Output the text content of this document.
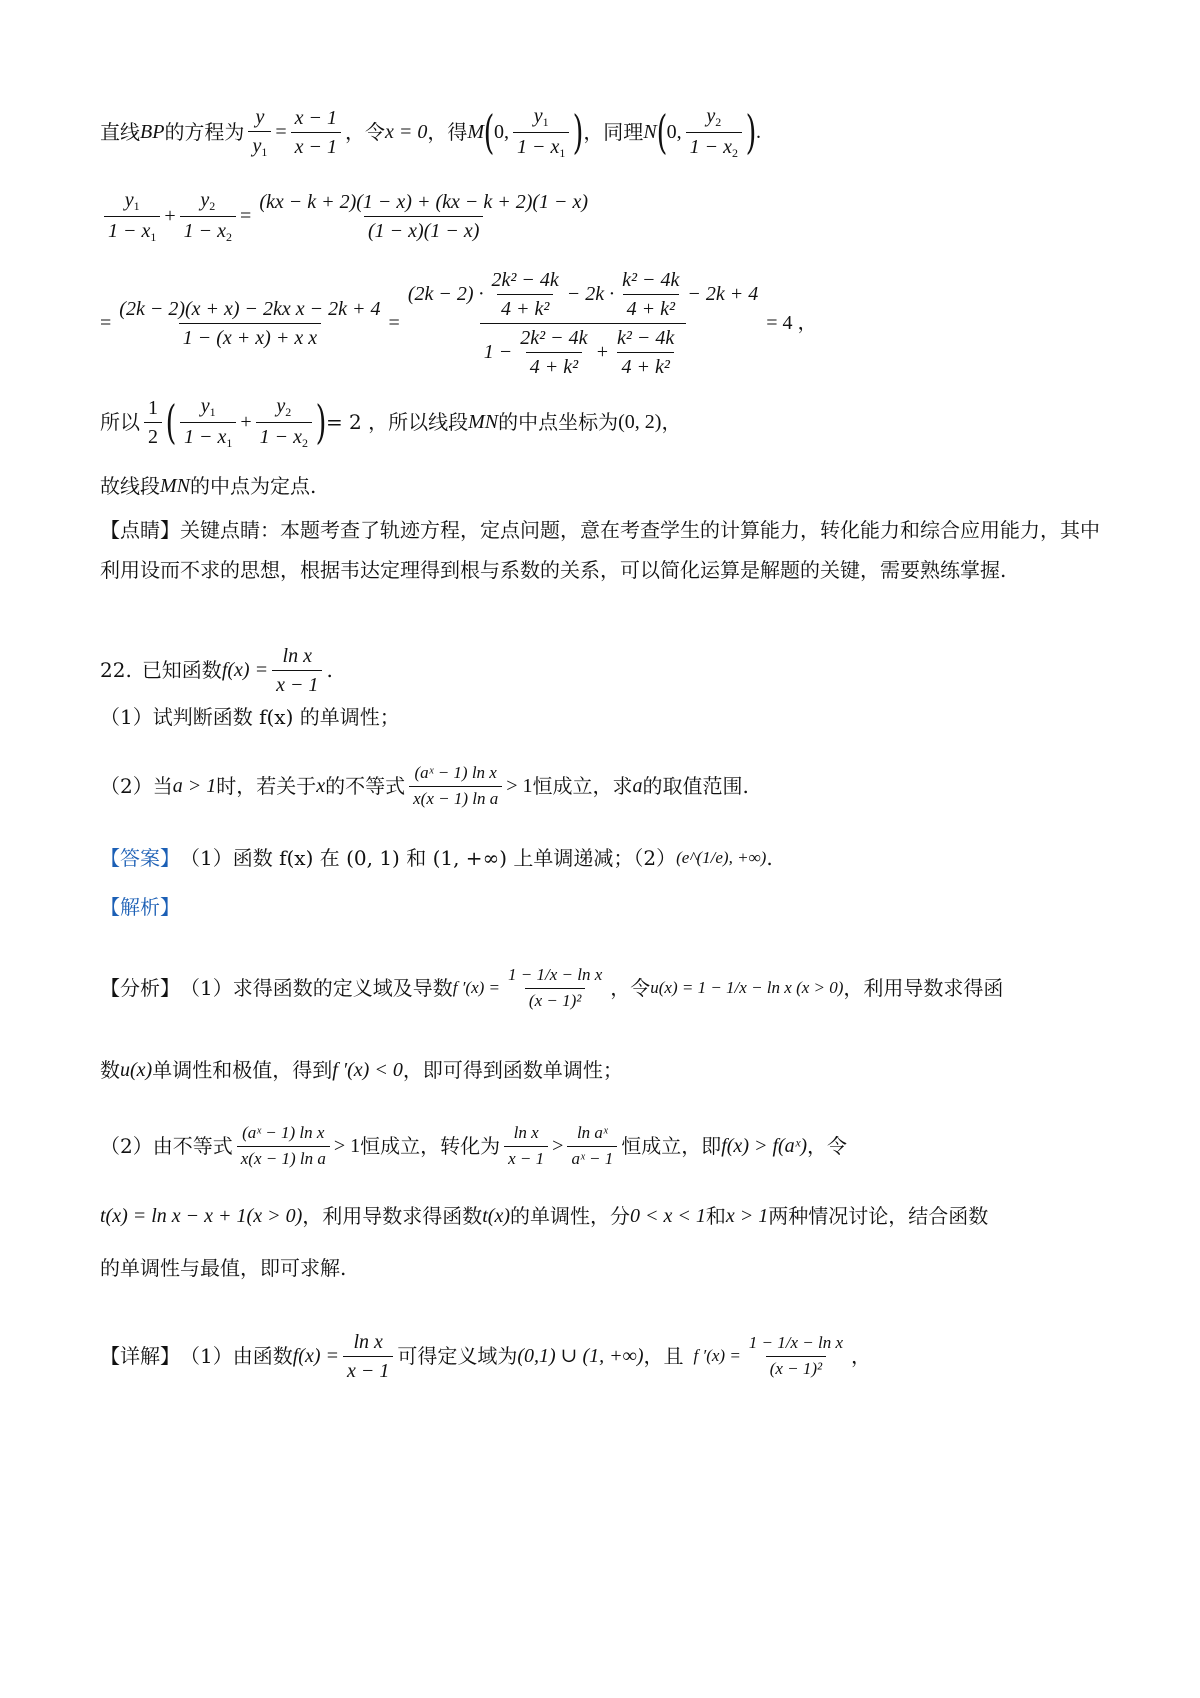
直线 BP 的方程为 $\frac{y}{y_1} = \frac{x - 1}{x - 1}$ ，令 x = 0 ，得 M ( 0, $\frac{y_1}{1 - x_1}$ ) ，同理 N ( 0, $\frac{y_2}{1 - x_2}$ ) .
$\frac{y_1}{1 - x_1} + \frac{y_2}{1 - x_2} = \frac{(kx - k + 2)(1 - x) + (kx - k + 2)(1 - x)}{(1 - x)(1 - x)}$
= $\frac{\text{(2k − 2)(x + x) − 2kx x − 2k + 4}}{\text{1 − (x + x) + x x}}$ =
$(2k - 2) \cdot \frac{\text{2k² − 4k}}{\text{4 + k²}} - 2k \cdot \frac{\text{k² − 4k}}{\text{4 + k²}} - 2k + 4$
$1 - \frac{\text{2k² − 4k}}{\text{4 + k²}} + \frac{\text{k² − 4k}}{\text{4 + k²}}$
= 4 ，
所以 $\frac{1}{2}$ ( $\frac{y_1}{1 - x_1} + \frac{y_2}{1 - x_2}$ ) = 2 ，所以线段 MN 的中点坐标为 (0, 2) ，
故线段 MN 的中点为定点.
【点睛】关键点睛：本题考查了轨迹方程，定点问题，意在考查学生的计算能力，转化能力和综合应用能力，其中利用设而不求的思想，根据韦达定理得到根与系数的关系，可以简化运算是解题的关键，需要熟练掌握.
22. 已知函数 $f(x) = \frac{\text{ln x}}{x - 1}$ .
（1）试判断函数 f(x) 的单调性；
（2）当 a > 1 时，若关于 x 的不等式 $\frac{\text{(aˣ − 1) ln x}}{\text{x(x − 1) ln a}} > 1$ 恒成立，求 a 的取值范围.
【答案】 （1）函数 f(x) 在 (0, 1) 和 (1, +∞) 上单调递减；（2） (e^(1/e), +∞) .
【解析】
【分析】 （1）求得函数的定义域及导数 f $'(x) = \frac{\text{1 − 1/x − ln x}}{\text{(x − 1)²}}$ ，令 u(x) = 1 − 1/x − ln x (x > 0) ，利用导数求得函
数 u(x) 单调性和极值，得到 f ′(x) < 0 ，即可得到函数单调性；
（2）由不等式 $\frac{\text{(aˣ − 1) ln x}}{\text{x(x − 1) ln a}} > 1$ 恒成立，转化为 $\frac{\text{ln x}}{x - 1} > \frac{\text{ln aˣ}}{\text{aˣ − 1}}$ 恒成立，即 f(x) > f(aˣ) ，令
t(x) = ln x − x + 1(x > 0) ，利用导数求得函数 t(x) 的单调性，分 0 < x < 1 和 x > 1 两种情况讨论，结合函数
的单调性与最值，即可求解.
【详解】 （1）由函数 $f(x) = \frac{\text{ln x}}{x - 1}$ 可得定义域为 (0,1) ∪ (1, +∞) ，且 f $'(x) = \frac{\text{1 − 1/x − ln x}}{\text{(x − 1)²}}$ ，
